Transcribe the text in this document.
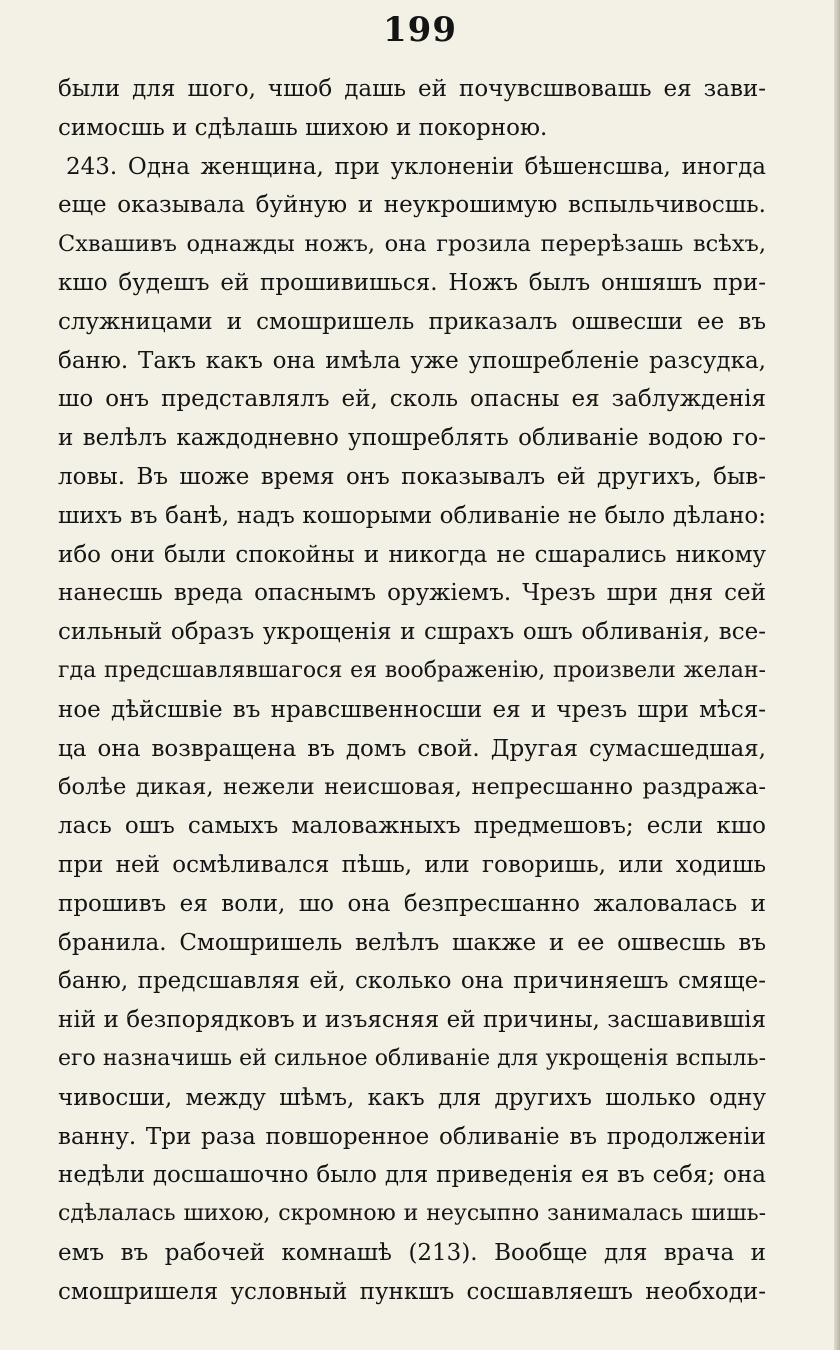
199
были для шого, чшоб дашь ей почувсшвовашь ея зави-
симосшь и сдѣлашь шихою и покорною.
243. Одна женщина, при уклоненіи бѣшенсшва, иногда
еще оказывала буйную и неукрошимую вспыльчивосшь.
Схвашивъ однажды ножъ, она грозила перерѣзашь всѣхъ,
кшо будешъ ей прошивишься. Ножъ былъ оншяшъ при-
служницами и смошришель приказалъ ошвесши ее въ
баню. Такъ какъ она имѣла уже упошребленіе разсудка,
шо онъ представлялъ ей, сколь опасны ея заблужденія
и велѣлъ каждодневно упошреблять обливаніе водою го-
ловы. Въ шоже время онъ показывалъ ей другихъ, быв-
шихъ въ банѣ, надъ кошорыми обливаніе не было дѣлано:
ибо они были спокойны и никогда не сшарались никому
нанесшь вреда опаснымъ оружіемъ. Чрезъ шри дня сей
сильный образъ укрощенія и сшрахъ ошъ обливанія, все-
гда предсшавлявшагося ея воображенію, произвели желан-
ное дѣйсшвіе въ нравсшвенносши ея и чрезъ шри мѣся-
ца она возвращена въ домъ свой. Другая сумасшедшая,
болѣе дикая, нежели неисшовая, непресшанно раздража-
лась ошъ самыхъ маловажныхъ предмешовъ; если кшо
при ней осмѣливался пѣшь, или говоришь, или ходишь
прошивъ ея воли, шо она безпресшанно жаловалась и
бранила. Смошришель велѣлъ шакже и ее ошвесшь въ
баню, предсшавляя ей, сколько она причиняешъ смяще-
ній и безпорядковъ и изъясняя ей причины, засшавившія
его назначишь ей сильное обливаніе для укрощенія вспыль-
чивосши, между шѣмъ, какъ для другихъ шолько одну
ванну. Три раза повшоренное обливаніе въ продолженіи
недѣли досшашочно было для приведенія ея въ себя; она
сдѣлалась шихою, скромною и неусыпно занималась шишь-
емъ въ рабочей комнашѣ (213). Вообще для врача и
смошришеля условный пункшъ сосшавляешъ необходи-
